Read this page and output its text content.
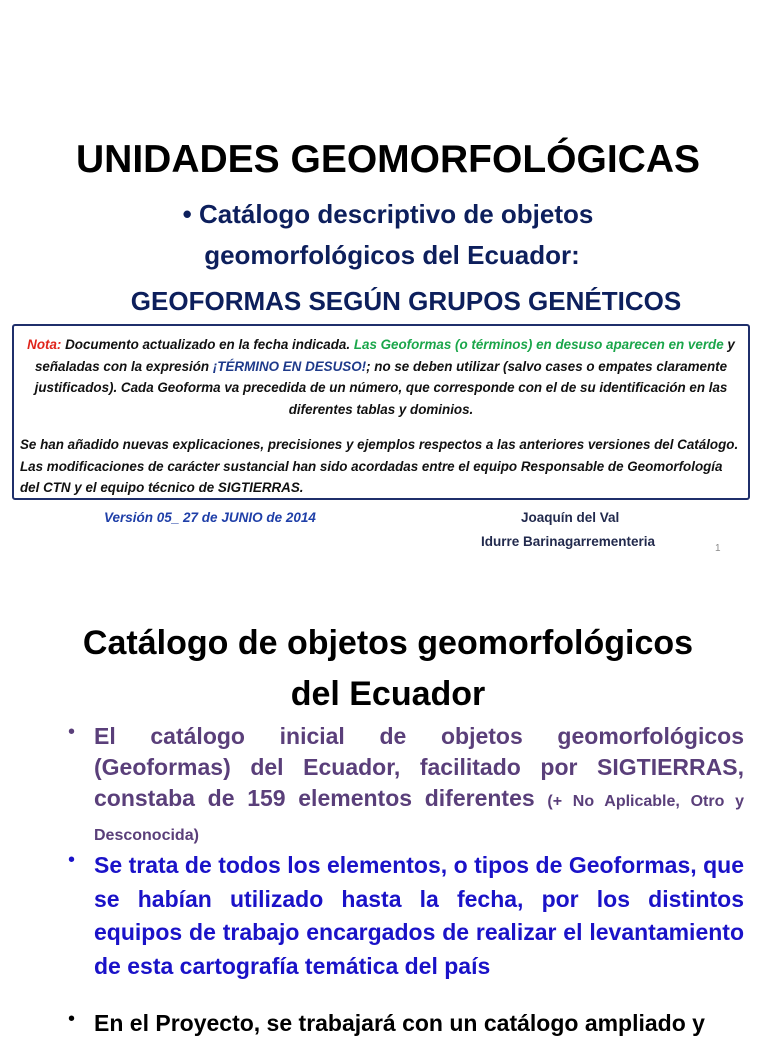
UNIDADES GEOMORFOLÓGICAS
• Catálogo descriptivo de objetos
geomorfológicos del Ecuador:
GEOFORMAS SEGÚN GRUPOS GENÉTICOS
Nota: Documento actualizado en la fecha indicada. Las Geoformas (o términos) en desuso aparecen en verde y señaladas con la expresión ¡TÉRMINO EN DESUSO!; no se deben utilizar (salvo cases o empates claramente justificados). Cada Geoforma va precedida de un número, que corresponde con el de su identificación en las diferentes tablas y dominios.
Se han añadido nuevas explicaciones, precisiones y ejemplos respectos a las anteriores versiones del Catálogo. Las modificaciones de carácter sustancial han sido acordadas entre el equipo Responsable de Geomorfología del CTN y el equipo técnico de SIGTIERRAS.
Versión 05_ 27 de JUNIO de 2014	Joaquín del Val
Idurre Barinagarrementeria	1
Catálogo de objetos geomorfológicos
del Ecuador
• El catálogo inicial de objetos geomorfológicos (Geoformas) del Ecuador, facilitado por SIGTIERRAS, constaba de 159 elementos diferentes (+ No Aplicable, Otro y Desconocida)
• Se trata de todos los elementos, o tipos de Geoformas, que se habían utilizado hasta la fecha, por los distintos equipos de trabajo encargados de realizar el levantamiento de esta cartografía temática del país
• En el Proyecto, se trabajará con un catálogo ampliado y
